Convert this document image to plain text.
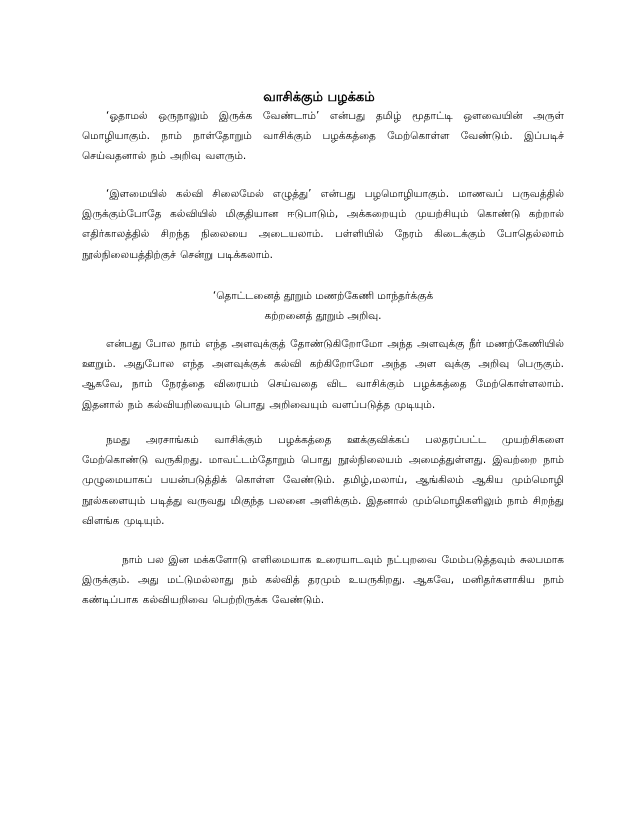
வாசிக்கும் பழக்கம்

‘ஓதாமல் ஒருநாலும் இருக்க வேண்டாம்’ என்பது தமிழ் மூதாட்டி ஒளவையின் அருள் மொழியாகும். நாம் நாள்தோறும் வாசிக்கும் பழக்கத்தை மேற்கொள்ள வேண்டும். இப்படிச் செய்வதனால் நம் அறிவு வளரும்.

‘இளமையில் கல்வி சிலைமேல் எழுத்து’ என்பது பழமொழியாகும். மாணவப் பருவத்தில் இருக்கும்போதே கல்வியில் மிகுதியான ஈடுபாடும், அக்கறையும் முயற்சியும் கொண்டு கற்றால் எதிர்காலத்தில் சிறந்த நிலையை அடையலாம். பள்ளியில் நேரம் கிடைக்கும் போதெல்லாம் நூல்நிலையத்திற்குச் சென்று படிக்கலாம்.

‘தொட்டனைத் தூறும் மணற்கேணி மாந்தர்க்குக்
கற்றனைத் தூறும் அறிவு.

என்பது போல நாம் எந்த அளவுக்குத் தோண்டுகிறோமோ அந்த அளவுக்கு நீர் மணற்கேணியில் ஊறும். அதுபோல எந்த அளவுக்குக் கல்வி கற்கிறோமோ அந்த அள வுக்கு அறிவு பெருகும். ஆகவே, நாம் நேரத்தை விரையம் செய்வதை விட வாசிக்கும் பழக்கத்தை மேற்கொள்ளலாம். இதனால் நம் கல்வியறிவையும் பொது அறிவையும் வளப்படுத்த முடியும்.

நமது அரசாங்கம் வாசிக்கும் பழக்கத்தை ஊக்குவிக்கப் பலதரப்பட்ட முயற்சிகளை மேற்கொண்டு வருகிறது. மாவட்டம்தோறும் பொது நூல்நிலையம் அமைத்துள்ளது. இவற்றை நாம் முழுமையாகப் பயன்படுத்திக் கொள்ள வேண்டும். தமிழ்,மலாய், ஆங்கிலம் ஆகிய மும்மொழி நூல்களையும் படித்து வருவது மிகுந்த பலனை அளிக்கும். இதனால் மும்மொழிகளிலும் நாம் சிறந்து விளங்க முடியும்.

நாம் பல இன மக்களோடு எளிமையாக உரையாடவும் நட்புறவை மேம்படுத்தவும் சுலபமாக இருக்கும். அது மட்டுமல்லாது நம் கல்வித் தரமும் உயருகிறது. ஆகவே, மனிதர்களாகிய நாம் கண்டிப்பாக கல்வியறிவை பெற்றிருக்க வேண்டும்.
